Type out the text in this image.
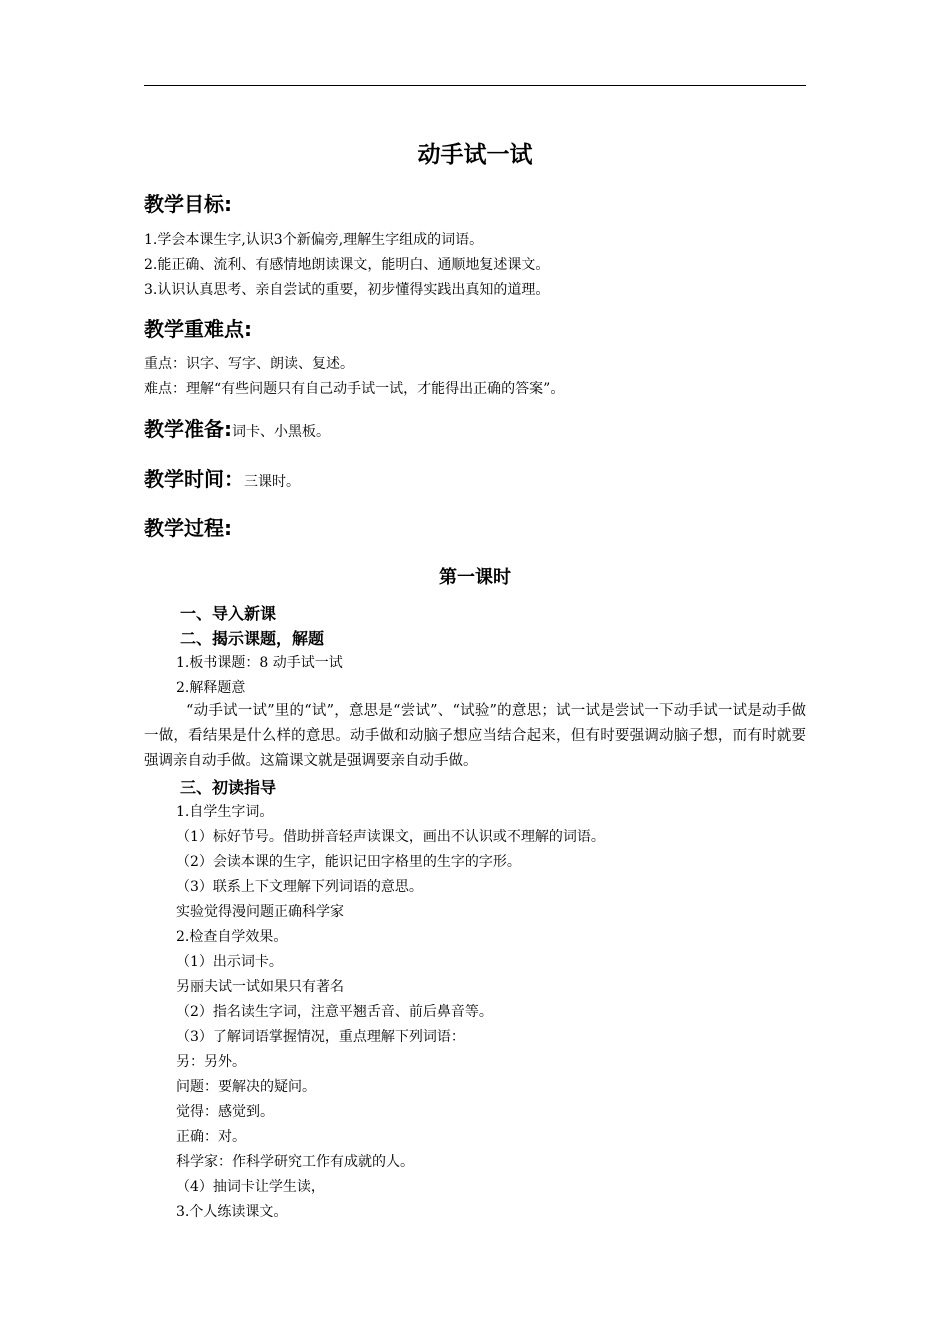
动手试一试
教学目标:
1.学会本课生字,认识3个新偏旁,理解生字组成的词语。
2.能正确、流利、有感情地朗读课文，能明白、通顺地复述课文。
3.认识认真思考、亲自尝试的重要，初步懂得实践出真知的道理。
教学重难点:
重点：识字、写字、朗读、复述。
难点：理解“有些问题只有自己动手试一试，才能得出正确的答案”。
教学准备:词卡、小黑板。
教学时间：三课时。
教学过程:
第一课时
一、导入新课
二、揭示课题，解题
1.板书课题：8 动手试一试
2.解释题意

“动手试一试”里的“试”，意思是“尝试”、“试验”的意思；试一试是尝试一下动手试一试是动手做一做，看结果是什么样的意思。动手做和动脑子想应当结合起来，但有时要强调动脑子想，而有时就要强调亲自动手做。这篇课文就是强调要亲自动手做。

三、初读指导
1.自学生字词。
（1）标好节号。借助拼音轻声读课文，画出不认识或不理解的词语。
（2）会读本课的生字，能识记田字格里的生字的字形。
（3）联系上下文理解下列词语的意思。
实验觉得漫问题正确科学家
2.检查自学效果。
（1）出示词卡。
另丽夫试一试如果只有著名
（2）指名读生字词，注意平翘舌音、前后鼻音等。
（3）了解词语掌握情况，重点理解下列词语：
另：另外。
问题：要解决的疑问。
觉得：感觉到。
正确：对。
科学家：作科学研究工作有成就的人。
（4）抽词卡让学生读，
3.个人练读课文。
